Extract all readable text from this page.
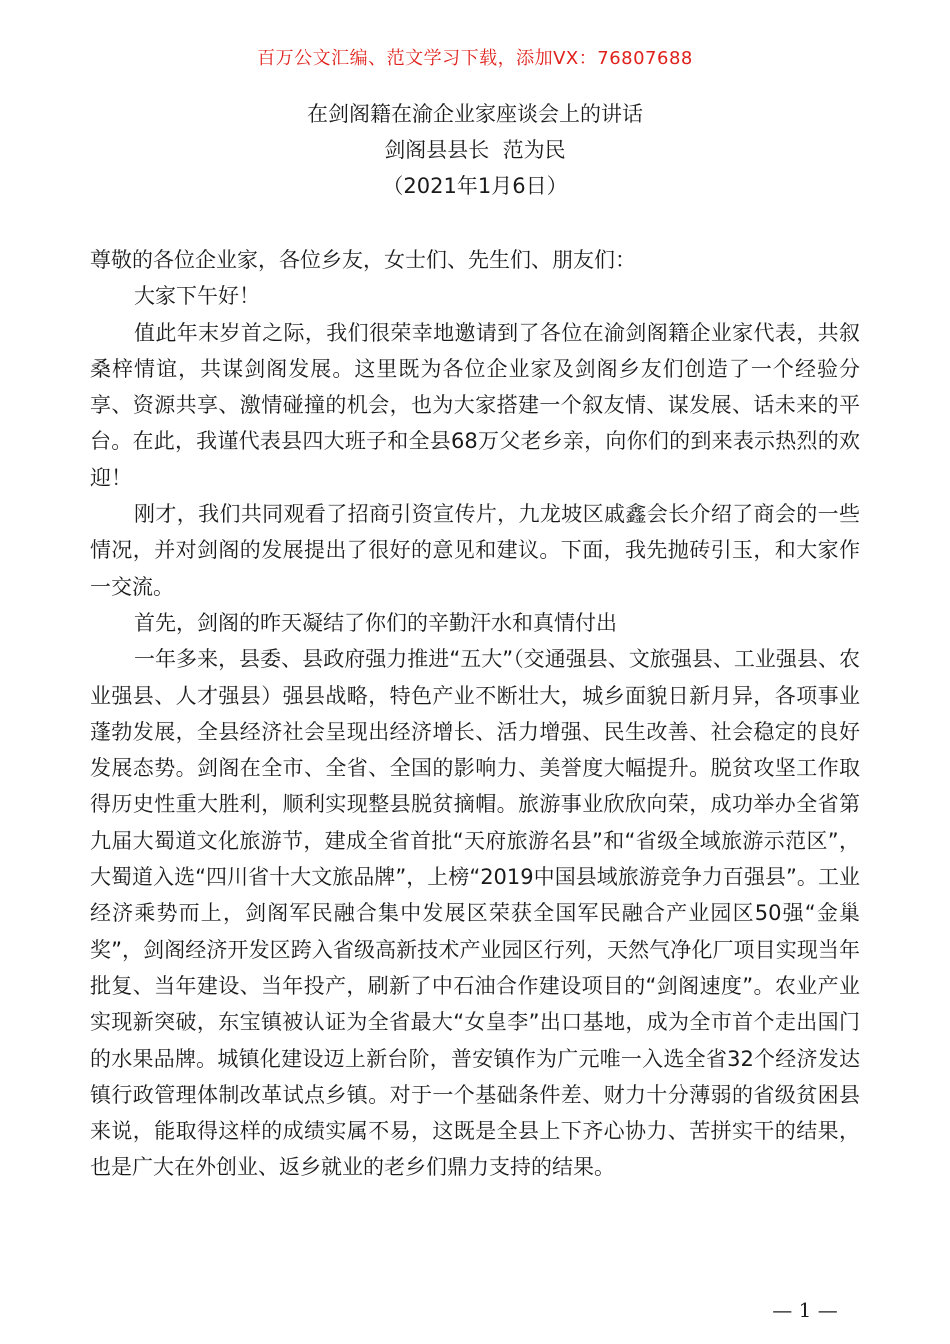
百万公文汇编、范文学习下载，添加VX：76807688
在剑阁籍在渝企业家座谈会上的讲话
剑阁县县长  范为民
（2021年1月6日）

尊敬的各位企业家，各位乡友，女士们、先生们、朋友们：

大家下午好！

值此年末岁首之际，我们很荣幸地邀请到了各位在渝剑阁籍企业家代表，共叙桑梓情谊，共谋剑阁发展。这里既为各位企业家及剑阁乡友们创造了一个经验分享、资源共享、激情碰撞的机会，也为大家搭建一个叙友情、谋发展、话未来的平台。在此，我谨代表县四大班子和全县68万父老乡亲，向你们的到来表示热烈的欢迎！

刚才，我们共同观看了招商引资宣传片，九龙坡区戚鑫会长介绍了商会的一些情况，并对剑阁的发展提出了很好的意见和建议。下面，我先抛砖引玉，和大家作一交流。

首先，剑阁的昨天凝结了你们的辛勤汗水和真情付出

一年多来，县委、县政府强力推进“五大”（交通强县、文旅强县、工业强县、农业强县、人才强县）强县战略，特色产业不断壮大，城乡面貌日新月异，各项事业蓬勃发展，全县经济社会呈现出经济增长、活力增强、民生改善、社会稳定的良好发展态势。剑阁在全市、全省、全国的影响力、美誉度大幅提升。脱贫攻坚工作取得历史性重大胜利，顺利实现整县脱贫摘帽。旅游事业欣欣向荣，成功举办全省第九届大蜀道文化旅游节，建成全省首批“天府旅游名县”和“省级全域旅游示范区”，大蜀道入选“四川省十大文旅品牌”，上榜“2019中国县域旅游竞争力百强县”。工业经济乘势而上，剑阁军民融合集中发展区荣获全国军民融合产业园区50强“金巢奖”，剑阁经济开发区跨入省级高新技术产业园区行列，天然气净化厂项目实现当年批复、当年建设、当年投产，刷新了中石油合作建设项目的“剑阁速度”。农业产业实现新突破，东宝镇被认证为全省最大“女皇李”出口基地，成为全市首个走出国门的水果品牌。城镇化建设迈上新台阶，普安镇作为广元唯一入选全省32个经济发达镇行政管理体制改革试点乡镇。对于一个基础条件差、财力十分薄弱的省级贫困县来说，能取得这样的成绩实属不易，这既是全县上下齐心协力、苦拼实干的结果，也是广大在外创业、返乡就业的老乡们鼎力支持的结果。

— 1 —
